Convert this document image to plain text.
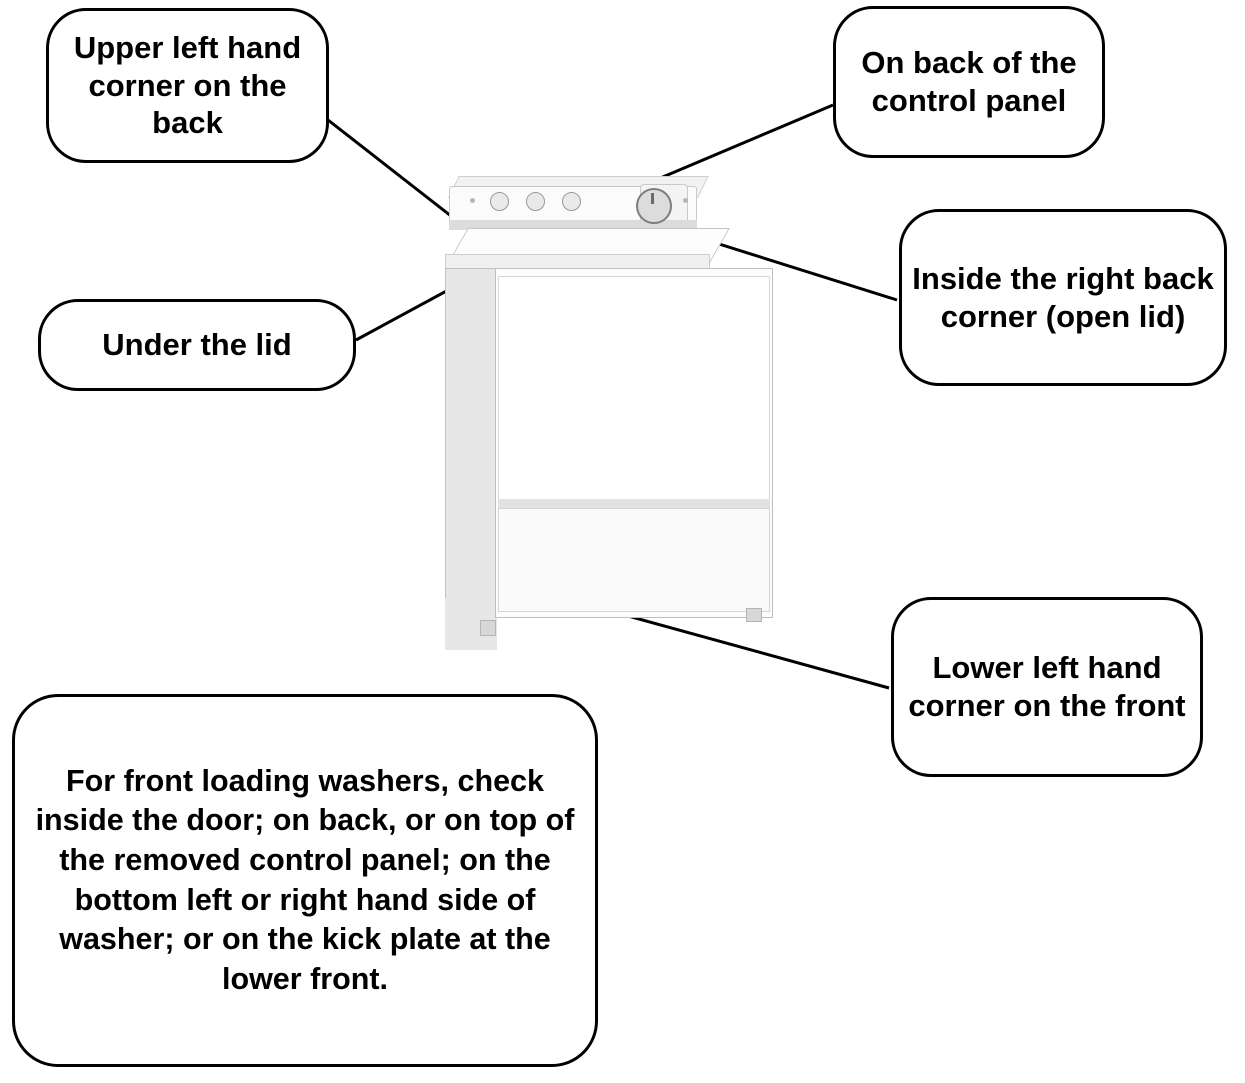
Upper left hand corner on the back
On back of the control panel
Inside the right back corner (open lid)
Under the lid
Lower left hand corner on the front
For front loading washers, check inside the door; on back, or on top of the removed control panel; on the bottom left or right hand side of washer; or on the kick plate at the lower front.
